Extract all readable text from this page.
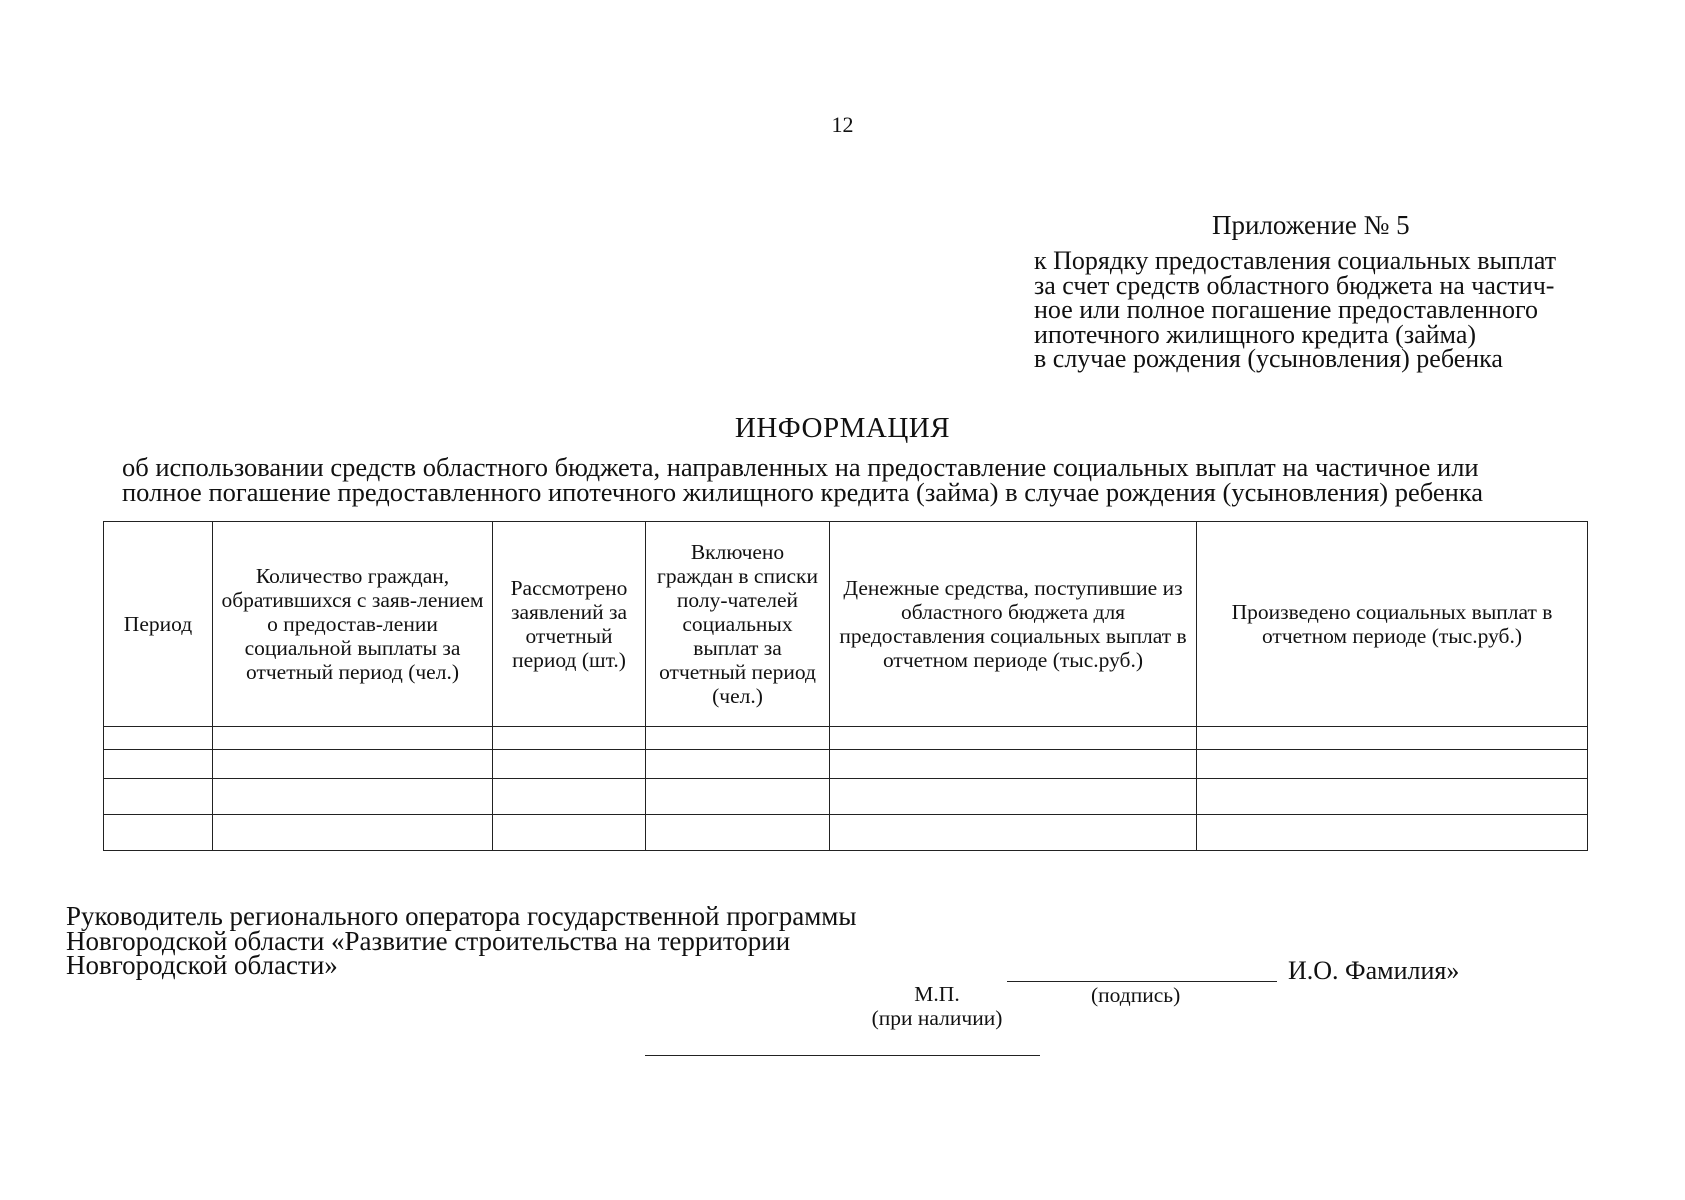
12
Приложение № 5
к Порядку предоставления социальных выплат
за счет средств областного бюджета на частич-
ное или полное погашение предоставленного
ипотечного жилищного кредита (займа)
в случае рождения (усыновления) ребенка
ИНФОРМАЦИЯ
об использовании средств областного бюджета, направленных на предоставление социальных выплат на частичное или
полное погашение предоставленного ипотечного жилищного кредита (займа) в случае рождения (усыновления) ребенка
Период	Количество граждан, обратившихся с заяв-лением о предостав-лении социальной выплаты за отчетный период (чел.)	Рассмотрено заявлений за отчетный период (шт.)	Включено граждан в списки полу-чателей социальных выплат за отчетный период (чел.)	Денежные средства, поступившие из областного бюджета для предоставления социальных выплат в отчетном периоде (тыс.руб.)	Произведено социальных выплат в отчетном периоде (тыс.руб.)

Руководитель регионального оператора государственной программы
Новгородской области «Развитие строительства на территории
Новгородской области»	И.О. Фамилия»
(подпись)
М.П.
(при наличии)
